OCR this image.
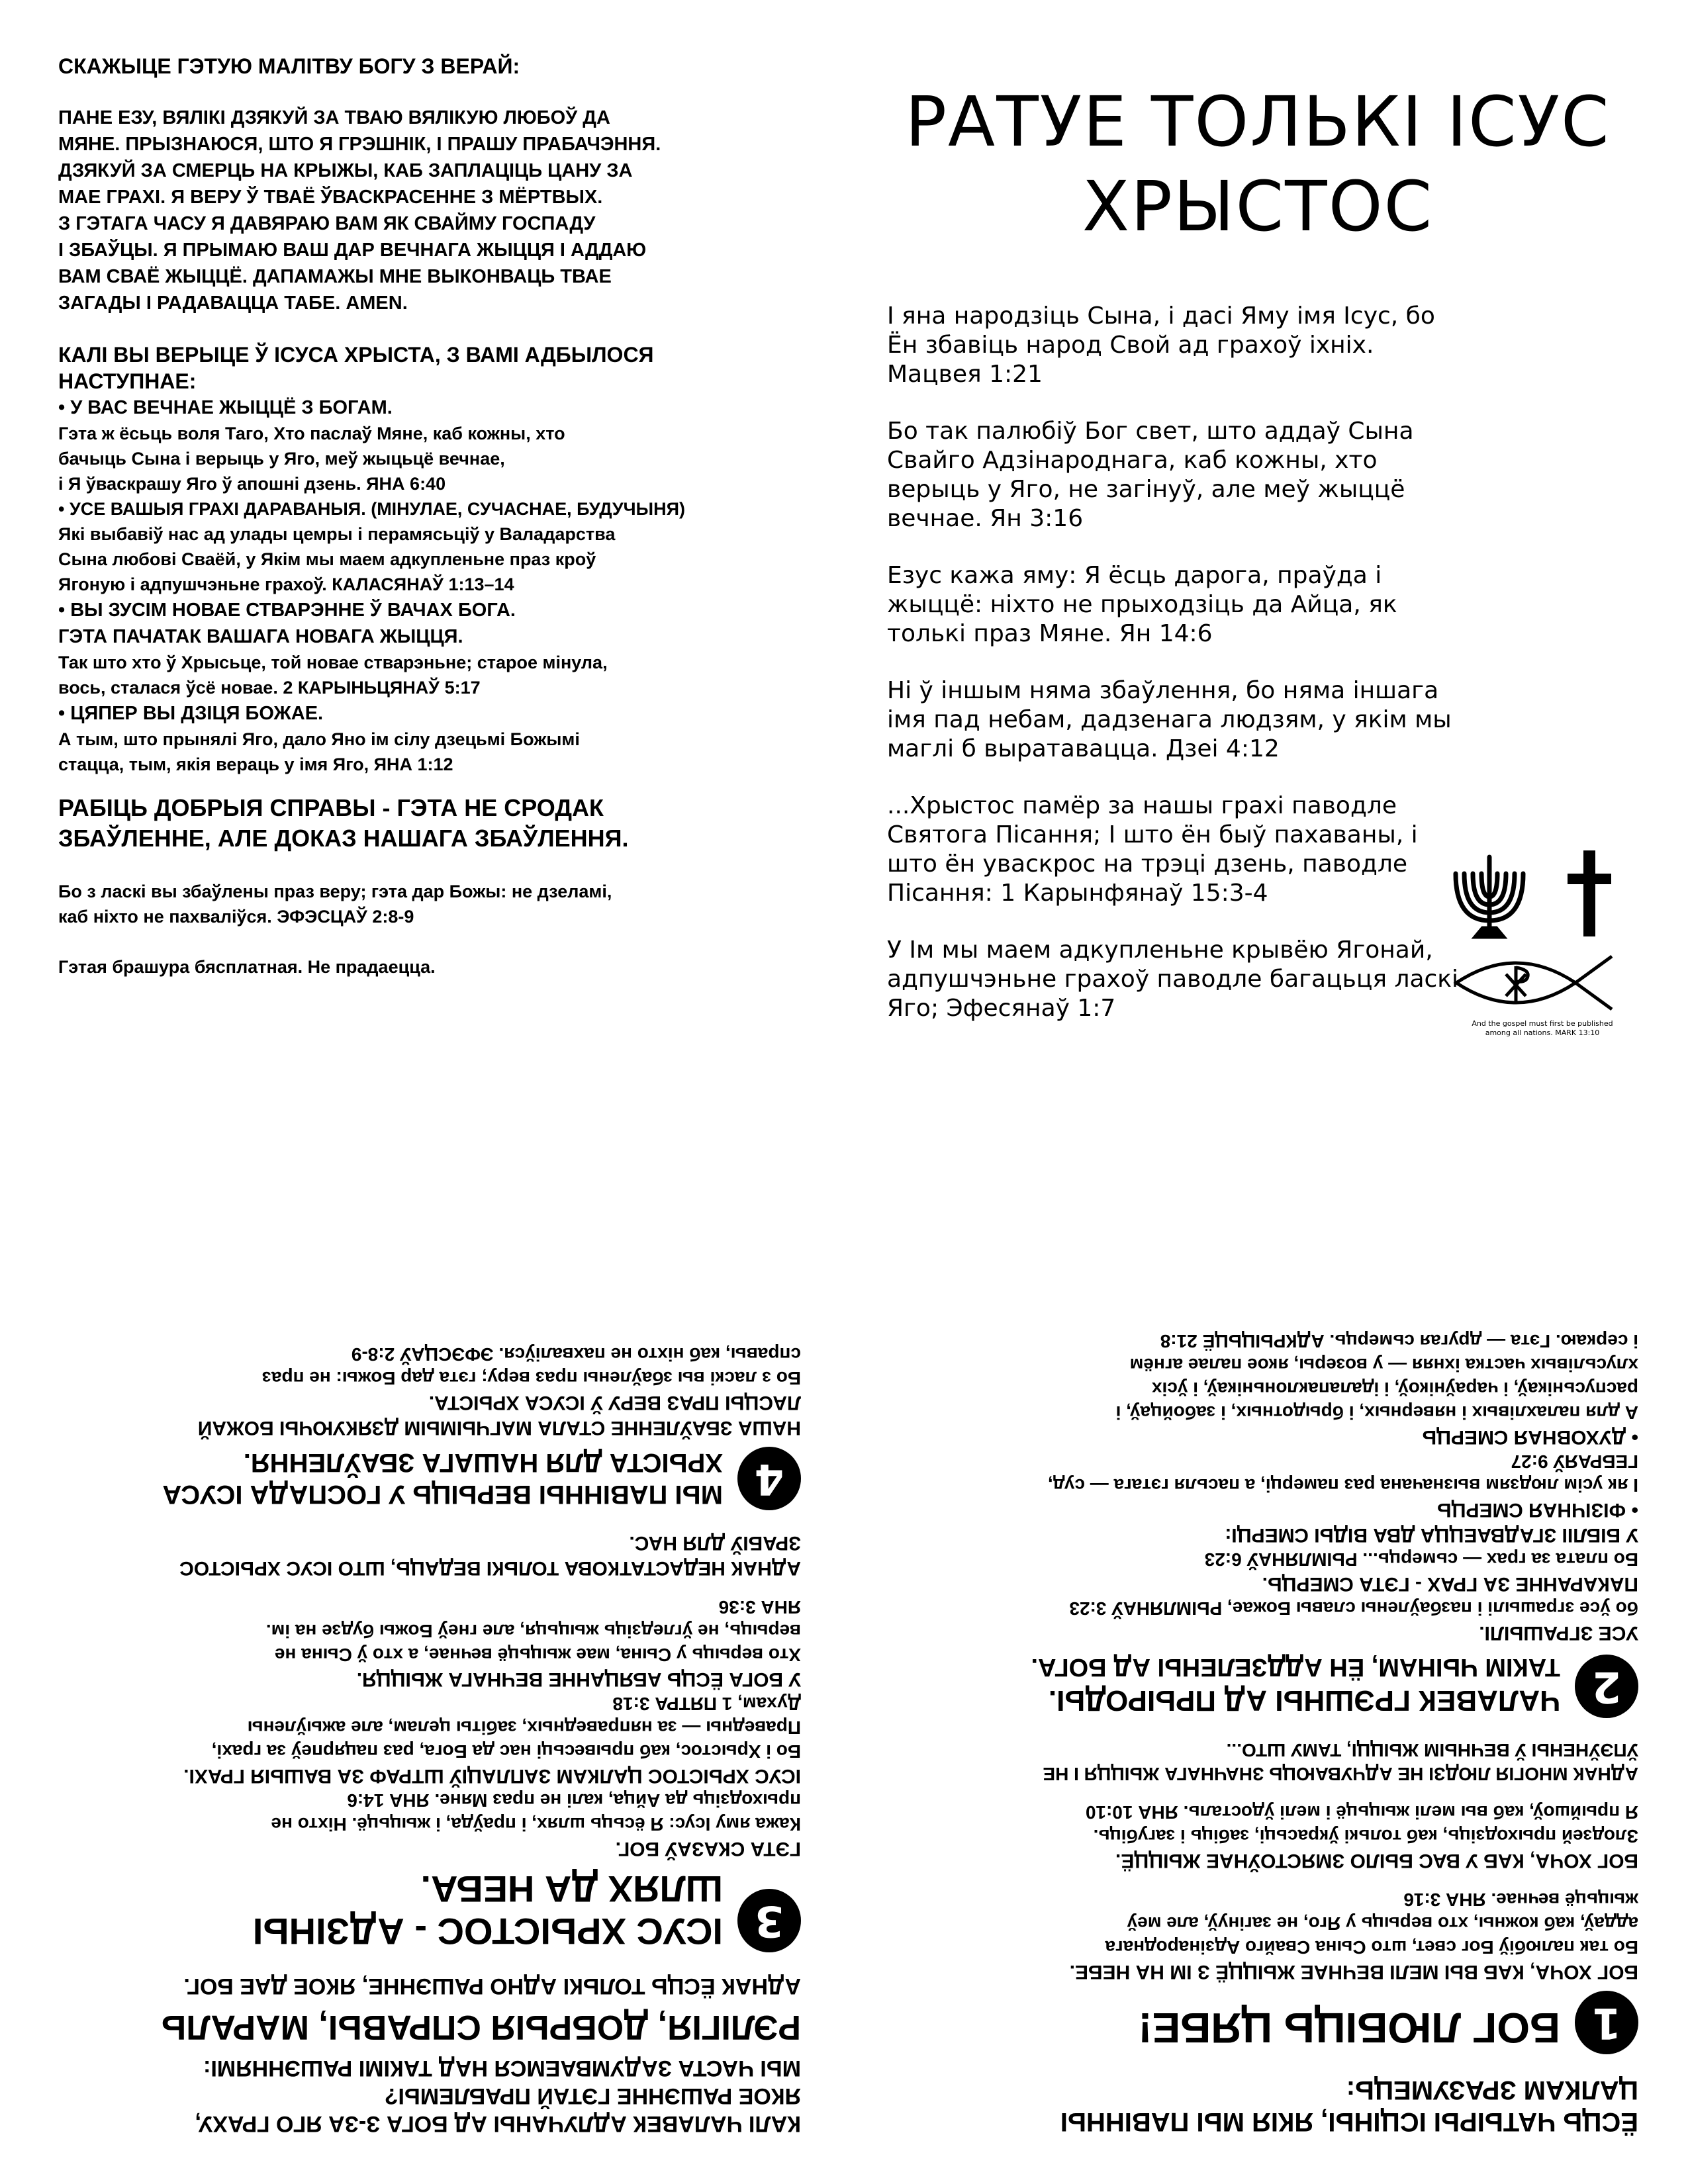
СКАЖЫЦЕ ГЭТУЮ МАЛІТВУ БОГУ З ВЕРАЙ:

ПАНЕ ЕЗУ, ВЯЛІКІ ДЗЯКУЙ ЗА ТВАЮ ВЯЛІКУЮ ЛЮБОЎ ДА

МЯНЕ. ПРЫЗНАЮСЯ, ШТО Я ГРЭШНІК, І ПРАШУ ПРАБАЧЭННЯ.

ДЗЯКУЙ ЗА СМЕРЦЬ НА КРЫЖЫ, КАБ ЗАПЛАЦІЦЬ ЦАНУ ЗА

МАЕ ГРАХІ. Я ВЕРУ Ў ТВАЁ ЎВАСКРАСЕННЕ З МЁРТВЫХ.

З ГЭТАГА ЧАСУ Я ДАВЯРАЮ ВАМ ЯК СВАЙМУ ГОСПАДУ

І ЗБАЎЦЫ. Я ПРЫМАЮ ВАШ ДАР ВЕЧНАГА ЖЫЦЦЯ І АДДАЮ

ВАМ СВАЁ ЖЫЦЦЁ. ДАПАМАЖЫ МНЕ ВЫКОНВАЦЬ ТВАЕ

ЗАГАДЫ І РАДАВАЦЦА ТАБЕ. AMEN.

КАЛІ ВЫ ВЕРЫЦЕ Ў ІСУСА ХРЫСТА, З ВАМІ АДБЫЛОСЯ

НАСТУПНАЕ:

• У ВАС ВЕЧНАЕ ЖЫЦЦЁ З БОГАМ.

Гэта ж ёсьць воля Таго, Хто паслаў Мяне, каб кожны, хто

бачыць Сына і верыць у Яго, меў жыцьцё вечнае,

і Я ўваскрашу Яго ў апошні дзень. ЯНА 6:40

• УСЕ ВАШЫЯ ГРАХІ ДАРАВАНЫЯ. (МІНУЛАЕ, СУЧАСНАЕ, БУДУЧЫНЯ)

Які выбавіў нас ад улады цемры і перамясьціў у Валадарства

Сына любові Сваёй, у Якім мы маем адкупленьне праз кроў

Ягоную і адпушчэньне грахоў. КАЛАСЯНАЎ 1:13–14

• ВЫ ЗУСІМ НОВАЕ СТВАРЭННЕ Ў ВАЧАХ БОГА.

ГЭТА ПАЧАТАК ВАШАГА НОВАГА ЖЫЦЦЯ.

Так што хто ў Хрысьце, той новае стварэньне; старое мінула,

вось, сталася ўсё новае. 2 КАРЫНЬЦЯНАЎ 5:17

• ЦЯПЕР ВЫ ДЗІЦЯ БОЖАЕ.

А тым, што прынялі Яго, дало Яно ім сілу дзецьмі Божымі

стацца, тым, якія вераць у імя Яго, ЯНА 1:12

РАБІЦЬ ДОБРЫЯ СПРАВЫ - ГЭТА НЕ СРОДАК

ЗБАЎЛЕННЕ, АЛЕ ДОКАЗ НАШАГА ЗБАЎЛЕННЯ.

Бо з ласкі вы збаўлены праз веру; гэта дар Божы: не дзеламі,

каб ніхто не пахваліўся. ЭФЭСЦАЎ 2:8-9

Гэтая брашура бясплатная. Не прадаецца.

РАТУЕ ТОЛЬКІ ІСУС

ХРЫСТОС

І яна народзіць Сына, і дасі Яму імя Ісус, бо Ён збавіць народ Свой ад грахоў іхніх. Мацвея 1:21

Бо так палюбіў Бог свет, што аддаў Сына Свайго Адзінароднага, каб кожны, хто верыць у Яго, не загінуў, але меў жыццё вечнае. Ян 3:16

Езус кажа яму: Я ёсць дарога, праўда і жыццё: ніхто не прыходзіць да Айца, як толькі праз Мяне. Ян 14:6

Ні ў іншым няма збаўлення, бо няма іншага імя пад небам, дадзенага людзям, у якім мы маглі б выратавацца. Дзеі 4:12

...Хрыстос памёр за нашы грахі паводле Святога Пісання; І што ён быў пахаваны, і што ён уваскрос на трэці дзень, паводле Пісання: 1 Карынфянаў 15:3-4

У Ім мы маем адкупленьне крывёю Ягонай, адпушчэньне грахоў паводле багацьця ласкі Яго; Эфесянаў 1:7

And the gospel must first be published
among all nations. MARK 13:10

КАЛІ ЧАЛАВЕК АДЛУЧАНЫ АД БОГА З-ЗА ЯГО ГРАХУ,

ЯКОЕ РАШЭННЕ ГЭТАЙ ПРАБЛЕМЫ?

МЫ ЧАСТА ЗАДУМВАЕМСЯ НАД ТАКІМІ РАШЭННЯМІ:

РЭЛІГІЯ, ДОБРЫЯ СПРАВЫ, МАРАЛЬ

АДНАК ЁСЦЬ ТОЛЬКІ АДНО РАШЭННЕ, ЯКОЕ ДАЕ БОГ.

3

ІСУС ХРЫСТОС - АДЗІНЫ

ШЛЯХ ДА НЕБА.

ГЭТА СКАЗАЎ БОГ.

Кажа яму Ісус: Я ёсьць шлях, і праўда, і жыцьцё. Ніхто не

прыходзіць да Айца, калі не праз Мяне. ЯНА 14:6

ІСУС ХРЫСТОС ЦАЛКАМ ЗАПЛАЦІЎ ШТРАФ ЗА ВАШЫЯ ГРАХІ.

Бо і Хрыстос, каб прывесьці нас да Бога, раз пацярпеў за грахі,

Праведны — за няправедных, забіты целам, але ажыўлены

Духам, 1 ПЯТРА 3:18

У БОГА ЁСЦЬ АБЯЦАННЕ ВЕЧНАГА ЖЫЦЦЯ.

Хто верыць у Сына, мае жыцьцё вечнае, а хто ў Сына не

верыць, не ўгледзіць жыцьця, але гнеў Божы будзе на ім.

ЯНА 3:36

АДНАК НЕДАСТАТКОВА ТОЛЬКІ ВЕДАЦЬ, ШТО ІСУС ХРЫСТОС

ЗРАБІЎ ДЛЯ НАС.

4

МЫ ПАВІННЫ ВЕРЫЦЬ У ГОСПАДА ІСУСА

ХРЫСТА ДЛЯ НАШАГА ЗБАЎЛЕННЯ.

НАША ЗБАЎЛЕННЕ СТАЛА МАГЧЫМЫМ ДЗЯКУЮЧЫ БОЖАЙ

ЛАСЦЫ ПРАЗ ВЕРУ Ў ІСУСА ХРЫСТА.

Бо з ласкі вы збаўлены праз веру; гэта дар Божы: не праз

справы, каб ніхто не пахваліўся. ЭФЭСЦАЎ 2:8-9

ЁСЦЬ ЧАТЫРЫ ІСЦІНЫ, ЯКІЯ МЫ ПАВІННЫ

ЦАЛКАМ ЗРАЗУМЕЦЬ:

1

БОГ ЛЮБІЦЬ ЦЯБЕ!

БОГ ХОЧА, КАБ ВЫ МЕЛІ ВЕЧНАЕ ЖЫЦЦЁ З ІМ НА НЕБЕ.

Бо так палюбіў Бог свет, што Сына Свайго Адзінароднага

аддаў, каб кожны, хто верыць у Яго, не загінуў, але меў

жыцьцё вечнае. ЯНА 3:16

БОГ ХОЧА, КАБ У ВАС БЫЛО ЗМЯСТОЎНАЕ ЖЫЦЦЁ.

Злодзей прыходзіць, каб толькі ўкрасьці, забіць і загубіць.

Я прыйшоў, каб вы мелі жыцьцё і мелі ўдосталь. ЯНА 10:10

АДНАК МНОГІЯ ЛЮДЗІ НЕ АДЧУВАЮЦЬ ЗНАЧНАГА ЖЫЦЦЯ І НЕ

ЎПЭЎНЕНЫ Ў ВЕЧНЫМ ЖЫЦЦІ, ТАМУ ШТО...

2

ЧАЛАВЕК ГРЭШНЫ АД ПРЫРОДЫ.

ТАКІМ ЧЫНАМ, ЁН АДДЗЕЛЕНЫ АД БОГА.

УСЕ ЗГРАШЫЛІ.

бо ўсе зграшылі і пазбаўлены славы Божае, РЫМЛЯНАЎ 3:23

ПАКАРАННЕ ЗА ГРАХ - ГЭТА СМЕРЦЬ.

Бо плата за грах — сьмерць... РЫМЛЯНАЎ 6:23

У БІБЛІІ ЗГАДВАЕЦЦА ДВА ВІДЫ СМЕРЦІ:

• ФІЗІЧНАЯ СМЕРЦЬ

І як усім людзям вызначана раз памерці, а пасьля гэтага — суд,

ГЕБРАЯЎ 9:27

• ДУХОВНАЯ СМЕРЦЬ

А для палахлівых і няверных, і брыдотных, і забойцаў, і

распусьнікаў, і чараўнікоў, і ідалапаклоньнікаў, і ўсіх

хлусьлівых частка іхняя — у возеры, якое палае агнём

і серкаю. Гэта — другая сьмерць. АДКРЫЦЬЦЁ 21:8
